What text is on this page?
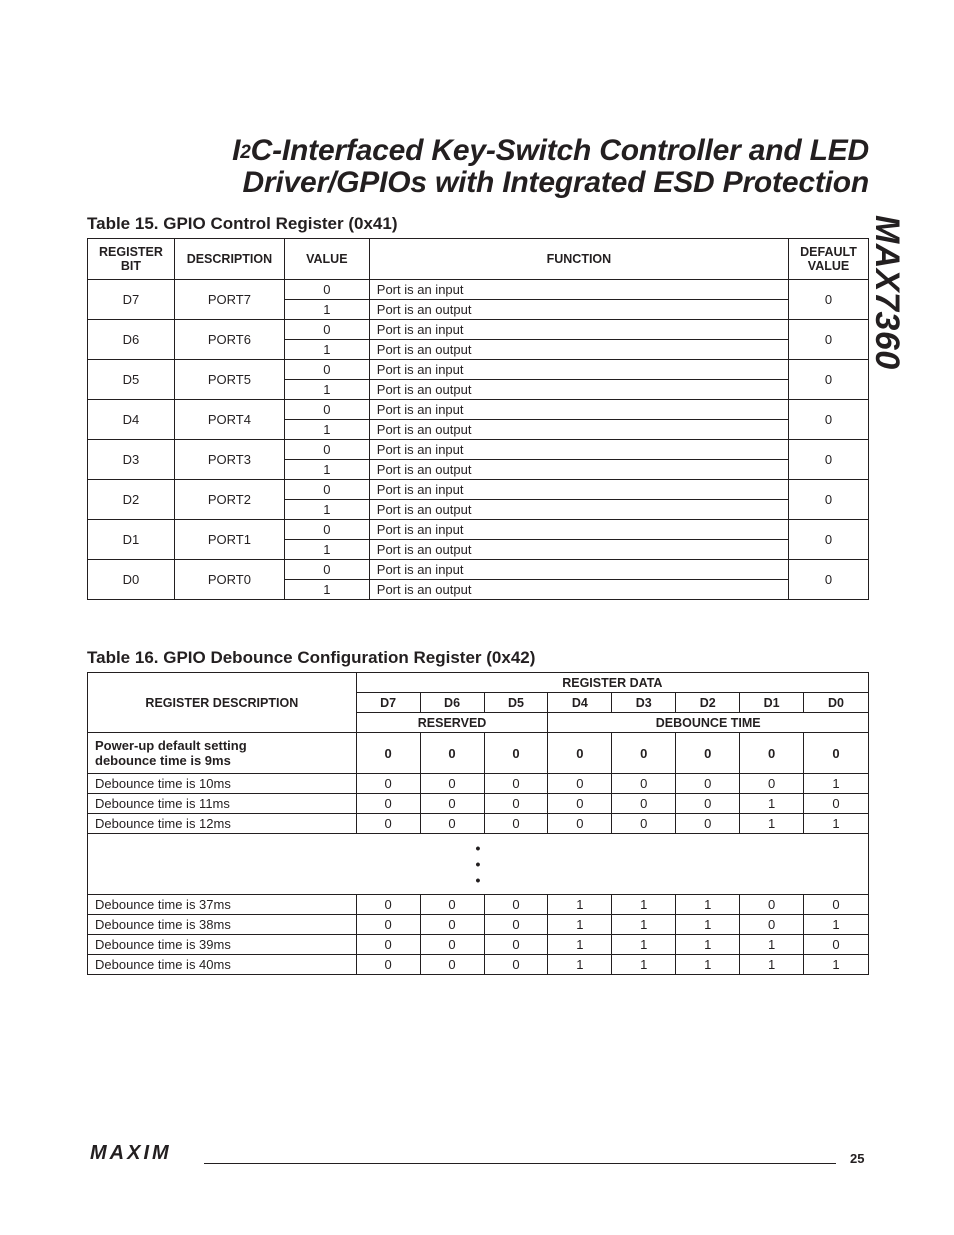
$I^2C$-Interfaced Key-Switch Controller and LED
Driver/GPIOs with Integrated ESD Protection
MAX7360
Table 15. GPIO Control Register (0x41)
REGISTER
BIT	DESCRIPTION	VALUE	FUNCTION	DEFAULT
VALUE
D7	PORT7	0	Port is an input	0
		1	Port is an output	
D6	PORT6	0	Port is an input	0
		1	Port is an output	
D5	PORT5	0	Port is an input	0
		1	Port is an output	
D4	PORT4	0	Port is an input	0
		1	Port is an output	
D3	PORT3	0	Port is an input	0
		1	Port is an output	
D2	PORT2	0	Port is an input	0
		1	Port is an output	
D1	PORT1	0	Port is an input	0
		1	Port is an output	
D0	PORT0	0	Port is an input	0
		1	Port is an output	
Table 16. GPIO Debounce Configuration Register (0x42)
REGISTER DESCRIPTION	REGISTER DATA							
	D7	D6	D5	D4	D3	D2	D1	D0
	RESERVED			DEBOUNCE TIME				

Power-up default setting
debounce time is 9ms	0	0	0	0	0	0	0	0
Debounce time is 10ms	0	0	0	0	0	0	0	1
Debounce time is 11ms	0	0	0	0	0	0	1	0
Debounce time is 12ms	0	0	0	0	0	0	1	1

•
•
•								

Debounce time is 37ms	0	0	0	1	1	1	0	0
Debounce time is 38ms	0	0	0	1	1	1	0	1
Debounce time is 39ms	0	0	0	1	1	1	1	0
Debounce time is 40ms	0	0	0	1	1	1	1	1
MAXIM	25
